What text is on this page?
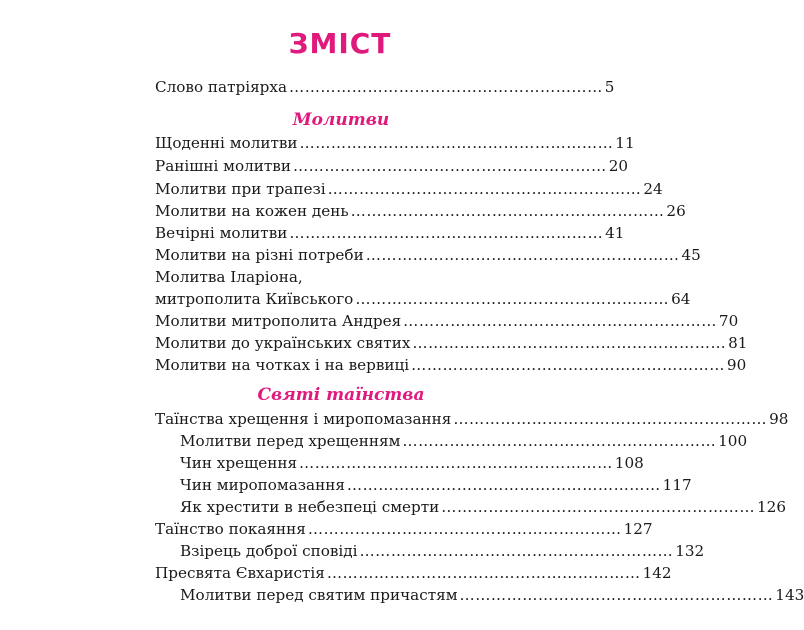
ЗМІСТ
Слово патріярха …………………………………………………… 5
Молитви
Щоденні молитви …………………………………………………… 11
Ранішні молитви …………………………………………………… 20
Молитви при трапезі …………………………………………………… 24
Молитви на кожен день …………………………………………………… 26
Вечірні молитви …………………………………………………… 41
Молитви на різні потреби …………………………………………………… 45
Молитва Іларіона,
митрополита Київського …………………………………………………… 64
Молитви митрополита Андрея …………………………………………………… 70
Молитви до українських святих …………………………………………………… 81
Молитви на чотках і на вервиці …………………………………………………… 90
Святі таїнства
Таїнства хрещення і миропомазання …………………………………………………… 98
Молитви перед хрещенням …………………………………………………… 100
Чин хрещення …………………………………………………… 108
Чин миропомазання …………………………………………………… 117
Як хрестити в небезпеці смерти …………………………………………………… 126
Таїнство покаяння …………………………………………………… 127
Взірець доброї сповіді …………………………………………………… 132
Пресвята Євхаристія …………………………………………………… 142
Молитви перед святим причастям …………………………………………………… 143
